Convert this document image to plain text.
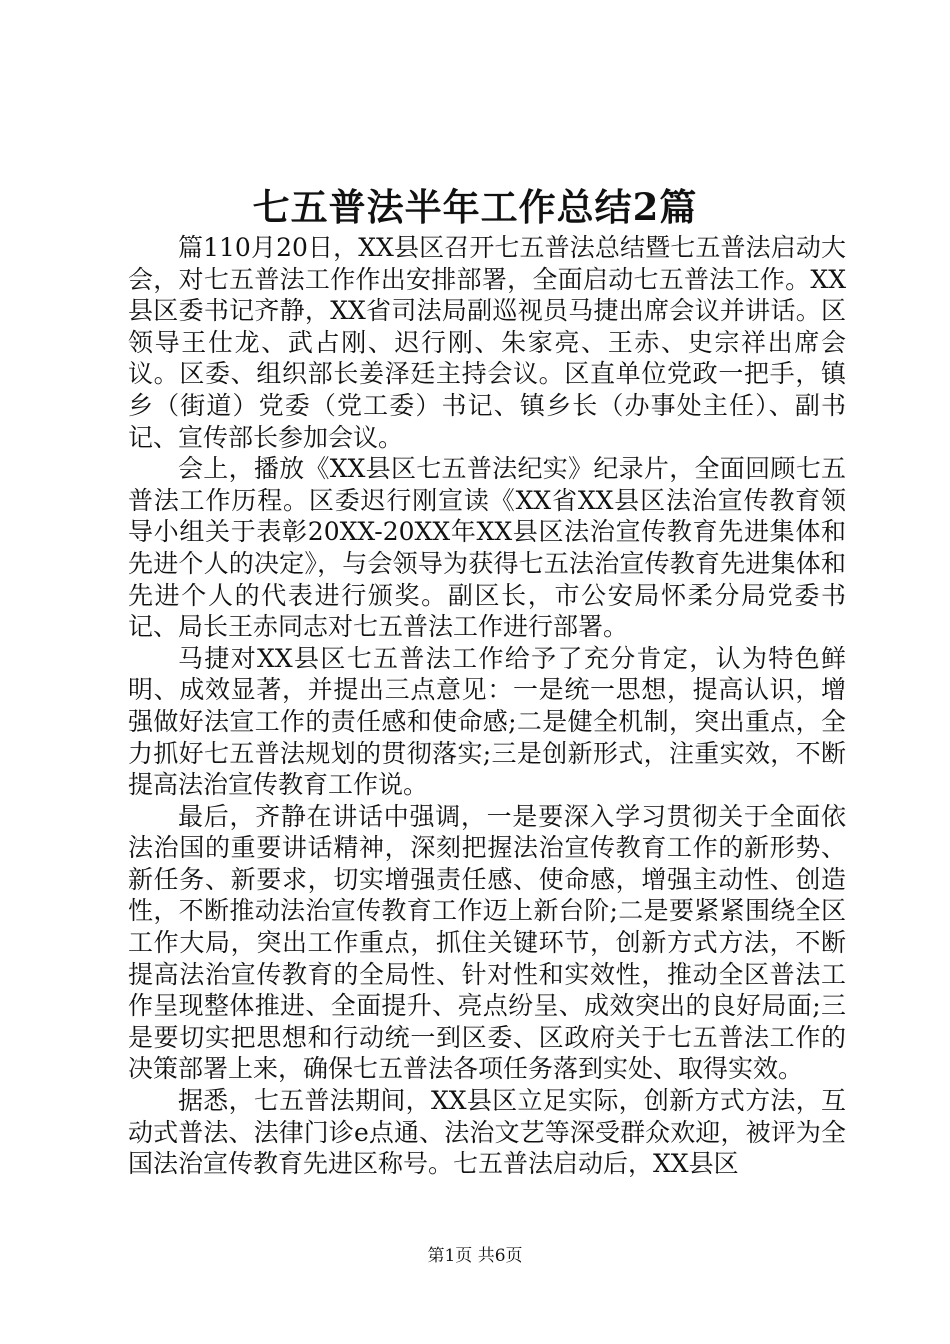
七五普法半年工作总结2篇

篇110月20日，XX县区召开七五普法总结暨七五普法启动大会，对七五普法工作作出安排部署，全面启动七五普法工作。XX县区委书记齐静，XX省司法局副巡视员马捷出席会议并讲话。区领导王仕龙、武占刚、迟行刚、朱家亮、王赤、史宗祥出席会议。区委、组织部长姜泽廷主持会议。区直单位党政一把手，镇乡（街道）党委（党工委）书记、镇乡长（办事处主任）、副书记、宣传部长参加会议。

会上，播放《XX县区七五普法纪实》纪录片，全面回顾七五普法工作历程。区委迟行刚宣读《XX省XX县区法治宣传教育领导小组关于表彰20XX-20XX年XX县区法治宣传教育先进集体和先进个人的决定》，与会领导为获得七五法治宣传教育先进集体和先进个人的代表进行颁奖。副区长，市公安局怀柔分局党委书记、局长王赤同志对七五普法工作进行部署。

马捷对XX县区七五普法工作给予了充分肯定，认为特色鲜明、成效显著，并提出三点意见：一是统一思想，提高认识，增强做好法宣工作的责任感和使命感;二是健全机制，突出重点，全力抓好七五普法规划的贯彻落实;三是创新形式，注重实效，不断提高法治宣传教育工作说。

最后，齐静在讲话中强调，一是要深入学习贯彻关于全面依法治国的重要讲话精神，深刻把握法治宣传教育工作的新形势、新任务、新要求，切实增强责任感、使命感，增强主动性、创造性，不断推动法治宣传教育工作迈上新台阶;二是要紧紧围绕全区工作大局，突出工作重点，抓住关键环节，创新方式方法，不断提高法治宣传教育的全局性、针对性和实效性，推动全区普法工作呈现整体推进、全面提升、亮点纷呈、成效突出的良好局面;三是要切实把思想和行动统一到区委、区政府关于七五普法工作的决策部署上来，确保七五普法各项任务落到实处、取得实效。

据悉，七五普法期间，XX县区立足实际，创新方式方法，互动式普法、法律门诊e点通、法治文艺等深受群众欢迎，被评为全国法治宣传教育先进区称号。七五普法启动后，XX县区

第1页 共6页
